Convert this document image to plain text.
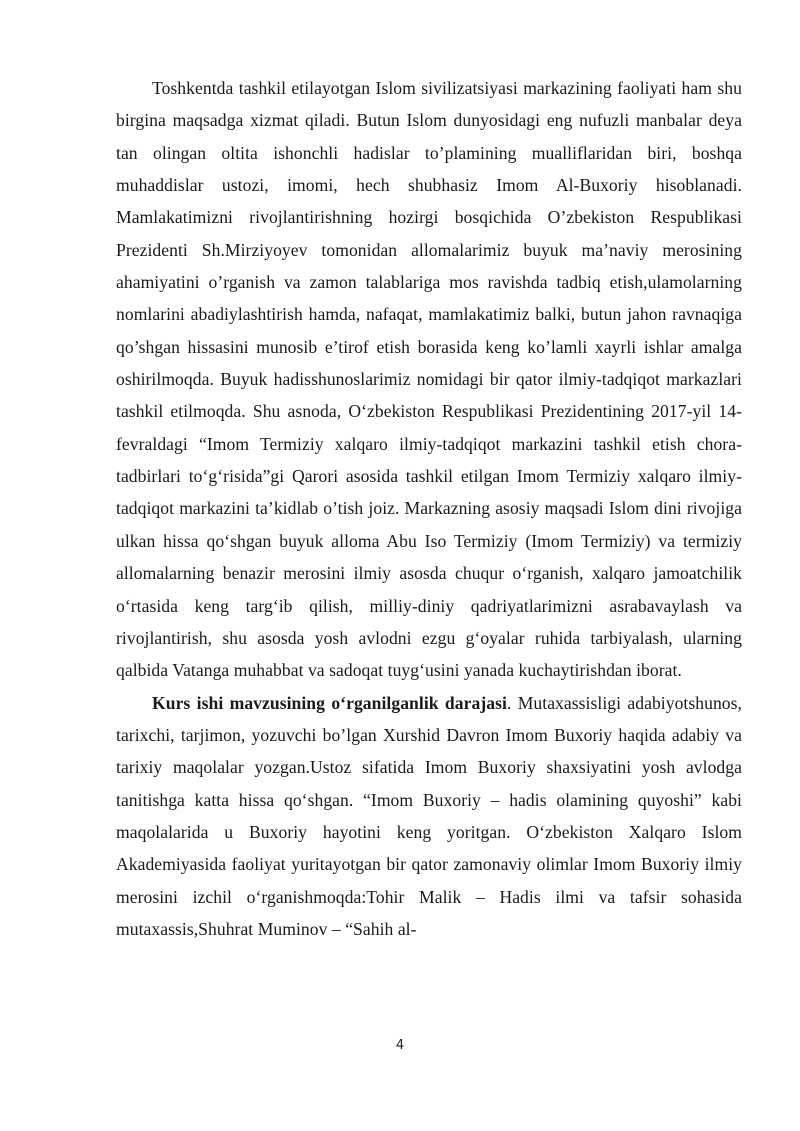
Toshkentda tashkil etilayotgan Islom sivilizatsiyasi markazining faoliyati ham shu birgina maqsadga xizmat qiladi. Butun Islom dunyosidagi eng nufuzli manbalar deya tan olingan oltita ishonchli hadislar to’plamining mualliflaridan biri, boshqa muhaddislar ustozi, imomi, hech shubhasiz Imom Al-Buxoriy hisoblanadi. Mamlakatimizni rivojlantirishning hozirgi bosqichida O’zbekiston Respublikasi Prezidenti Sh.Mirziyoyev tomonidan allomalarimiz buyuk ma’naviy merosining ahamiyatini o’rganish va zamon talablariga mos ravishda tadbiq etish,ulamolarning nomlarini abadiylashtirish hamda, nafaqat, mamlakatimiz balki, butun jahon ravnaqiga qo’shgan hissasini munosib e’tirof etish borasida keng ko’lamli xayrli ishlar amalga oshirilmoqda. Buyuk hadisshunoslarimiz nomidagi bir qator ilmiy-tadqiqot markazlari tashkil etilmoqda. Shu asnoda, O‘zbekiston Respublikasi Prezidentining 2017-yil 14-fevraldagi “Imom Termiziy xalqaro ilmiy-tadqiqot markazini tashkil etish chora-tadbirlari to‘g‘risida”gi Qarori asosida tashkil etilgan Imom Termiziy xalqaro ilmiy-tadqiqot markazini ta’kidlab o’tish joiz. Markazning asosiy maqsadi Islom dini rivojiga ulkan hissa qo‘shgan buyuk alloma Abu Iso Termiziy (Imom Termiziy) va termiziy allomalarning benazir merosini ilmiy asosda chuqur o‘rganish, xalqaro jamoatchilik o‘rtasida keng targ‘ib qilish, milliy-diniy qadriyatlarimizni asrabavaylash va rivojlantirish, shu asosda yosh avlodni ezgu g‘oyalar ruhida tarbiyalash, ularning qalbida Vatanga muhabbat va sadoqat tuyg‘usini yanada kuchaytirishdan iborat.

Kurs ishi mavzusining o‘rganilganlik darajasi. Mutaxassisligi adabiyotshunos, tarixchi, tarjimon, yozuvchi bo’lgan Xurshid Davron Imom Buxoriy haqida adabiy va tarixiy maqolalar yozgan.Ustoz sifatida Imom Buxoriy shaxsiyatini yosh avlodga tanitishga katta hissa qo‘shgan. “Imom Buxoriy – hadis olamining quyoshi” kabi maqolalarida u Buxoriy hayotini keng yoritgan. O‘zbekiston Xalqaro Islom Akademiyasida faoliyat yuritayotgan bir qator zamonaviy olimlar Imom Buxoriy ilmiy merosini izchil o‘rganishmoqda:Tohir Malik – Hadis ilmi va tafsir sohasida mutaxassis,Shuhrat Muminov – “Sahih al-

4
